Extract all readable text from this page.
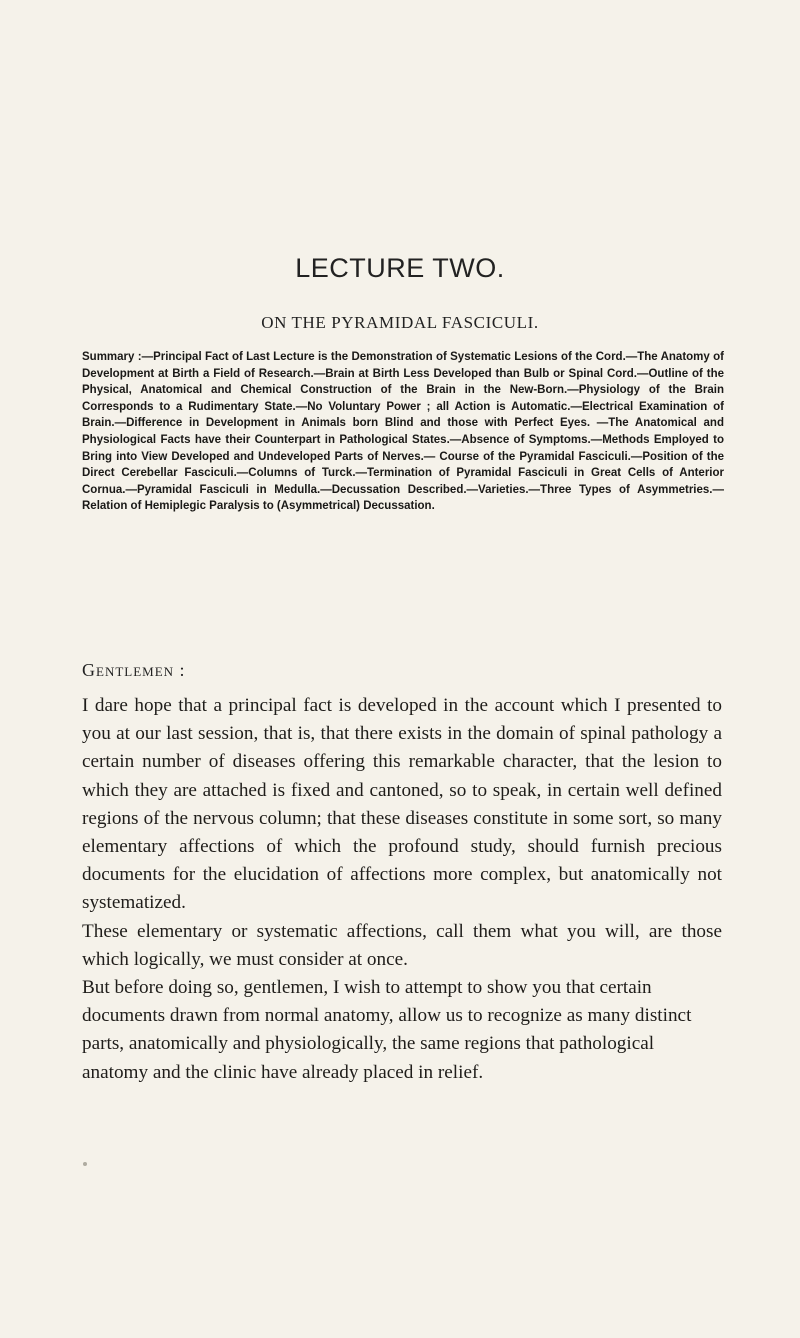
LECTURE TWO.
ON THE PYRAMIDAL FASCICULI.
Summary :—Principal Fact of Last Lecture is the Demonstration of Systematic Lesions of the Cord.—The Anatomy of Development at Birth a Field of Research.—Brain at Birth Less Developed than Bulb or Spinal Cord.—Outline of the Physical, Anatomical and Chemical Construction of the Brain in the New-Born.—Physiology of the Brain Corresponds to a Rudimentary State.—No Voluntary Power ; all Action is Automatic.—Electrical Examination of Brain.—Difference in Development in Animals born Blind and those with Perfect Eyes. —The Anatomical and Physiological Facts have their Counterpart in Pathological States.—Absence of Symptoms.—Methods Employed to Bring into View Developed and Undeveloped Parts of Nerves.— Course of the Pyramidal Fasciculi.—Position of the Direct Cerebellar Fasciculi.—Columns of Turck.—Termination of Pyramidal Fasciculi in Great Cells of Anterior Cornua.—Pyramidal Fasciculi in Medulla.—Decussation Described.—Varieties.—Three Types of Asymmetries.—Relation of Hemiplegic Paralysis to (Asymmetrical) Decussation.
Gentlemen :

I dare hope that a principal fact is developed in the account which I presented to you at our last session, that is, that there exists in the domain of spinal pathology a certain number of diseases offering this remarkable character, that the lesion to which they are attached is fixed and cantoned, so to speak, in certain well defined regions of the nervous column; that these diseases constitute in some sort, so many elementary affections of which the profound study, should furnish precious documents for the elucidation of affections more complex, but anatomically not systematized.

These elementary or systematic affections, call them what you will, are those which logically, we must consider at once.

But before doing so, gentlemen, I wish to attempt to show you that certain documents drawn from normal anatomy, allow us to recognize as many distinct parts, anatomically and physiologically, the same regions that pathological anatomy and the clinic have already placed in relief.
